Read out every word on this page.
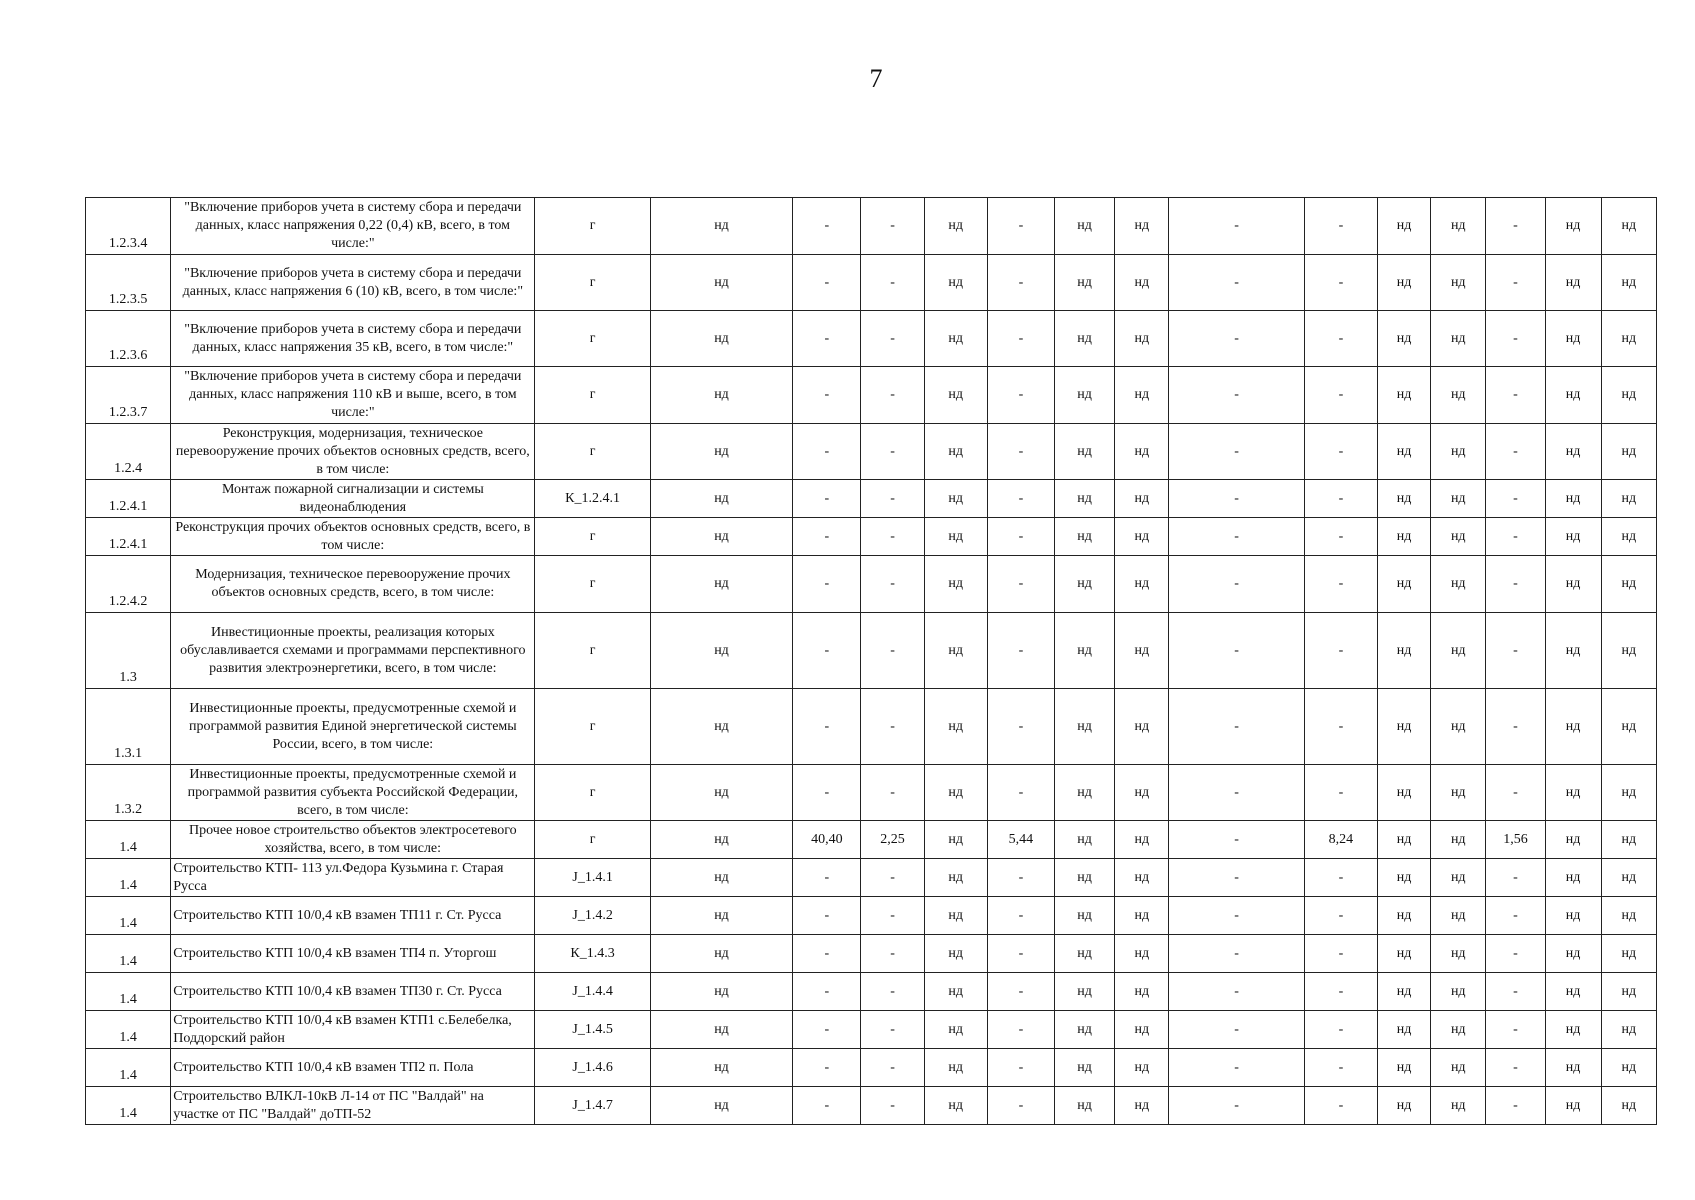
7
1.2.3.4	"Включение приборов учета в систему сбора и передачи данных, класс напряжения 0,22 (0,4) кВ, всего, в том числе:"	г	нд	-	-	нд	-	нд	нд	-	-	нд	нд	-	нд	нд
1.2.3.5	"Включение приборов учета в систему сбора и передачи данных, класс напряжения 6 (10) кВ, всего, в том числе:"	г	нд	-	-	нд	-	нд	нд	-	-	нд	нд	-	нд	нд
1.2.3.6	"Включение приборов учета в систему сбора и передачи данных, класс напряжения 35 кВ, всего, в том числе:"	г	нд	-	-	нд	-	нд	нд	-	-	нд	нд	-	нд	нд
1.2.3.7	"Включение приборов учета в систему сбора и передачи данных, класс напряжения 110 кВ и выше, всего, в том числе:"	г	нд	-	-	нд	-	нд	нд	-	-	нд	нд	-	нд	нд
1.2.4	Реконструкция, модернизация, техническое перевооружение прочих объектов основных средств, всего, в том числе:	г	нд	-	-	нд	-	нд	нд	-	-	нд	нд	-	нд	нд
1.2.4.1	Монтаж пожарной сигнализации и системы видеонаблюдения	К_1.2.4.1	нд	-	-	нд	-	нд	нд	-	-	нд	нд	-	нд	нд
1.2.4.1	Реконструкция прочих объектов основных средств, всего, в том числе:	г	нд	-	-	нд	-	нд	нд	-	-	нд	нд	-	нд	нд
1.2.4.2	Модернизация, техническое перевооружение прочих объектов основных средств, всего, в том числе:	г	нд	-	-	нд	-	нд	нд	-	-	нд	нд	-	нд	нд
1.3	Инвестиционные проекты, реализация которых обуславливается схемами и программами перспективного развития электроэнергетики, всего, в том числе:	г	нд	-	-	нд	-	нд	нд	-	-	нд	нд	-	нд	нд
1.3.1	Инвестиционные проекты, предусмотренные схемой и программой развития Единой энергетической системы России, всего, в том числе:	г	нд	-	-	нд	-	нд	нд	-	-	нд	нд	-	нд	нд
1.3.2	Инвестиционные проекты, предусмотренные схемой и программой развития субъекта Российской Федерации, всего, в том числе:	г	нд	-	-	нд	-	нд	нд	-	-	нд	нд	-	нд	нд
1.4	Прочее новое строительство объектов электросетевого хозяйства, всего, в том числе:	г	нд	40,40	2,25	нд	5,44	нд	нд	-	8,24	нд	нд	1,56	нд	нд
1.4	Строительство КТП- 113 ул.Федора Кузьмина г. Старая Русса	J_1.4.1	нд	-	-	нд	-	нд	нд	-	-	нд	нд	-	нд	нд
1.4	Строительство КТП 10/0,4 кВ взамен ТП11 г. Ст. Русса	J_1.4.2	нд	-	-	нд	-	нд	нд	-	-	нд	нд	-	нд	нд
1.4	Строительство КТП 10/0,4 кВ взамен ТП4 п. Уторгош	К_1.4.3	нд	-	-	нд	-	нд	нд	-	-	нд	нд	-	нд	нд
1.4	Строительство КТП 10/0,4 кВ взамен ТП30 г. Ст. Русса	J_1.4.4	нд	-	-	нд	-	нд	нд	-	-	нд	нд	-	нд	нд
1.4	Строительство КТП 10/0,4 кВ взамен КТП1 с.Белебелка, Поддорский район	J_1.4.5	нд	-	-	нд	-	нд	нд	-	-	нд	нд	-	нд	нд
1.4	Строительство КТП 10/0,4 кВ взамен ТП2 п. Пола	J_1.4.6	нд	-	-	нд	-	нд	нд	-	-	нд	нд	-	нд	нд
1.4	Строительство ВЛКЛ-10кВ Л-14 от ПС "Валдай" на участке от ПС "Валдай" доТП-52	J_1.4.7	нд	-	-	нд	-	нд	нд	-	-	нд	нд	-	нд	нд
